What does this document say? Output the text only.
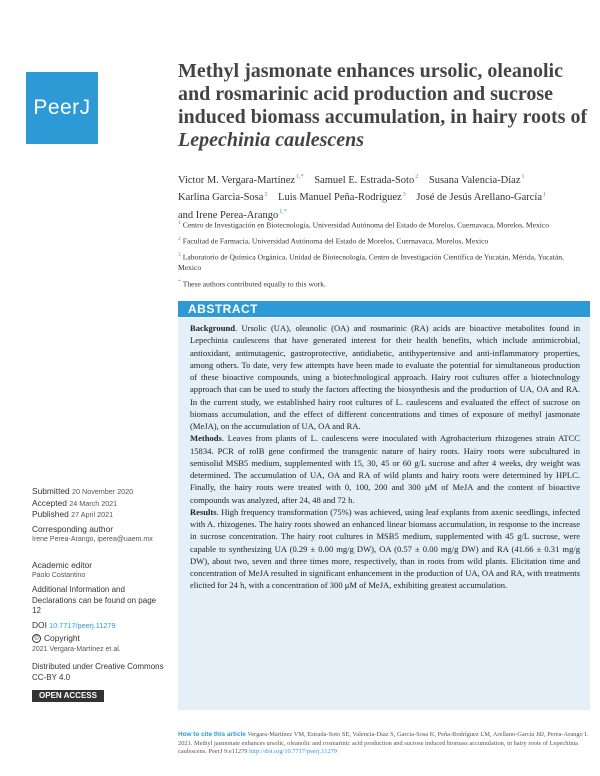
PeerJ
Methyl jasmonate enhances ursolic, oleanolic and rosmarinic acid production and sucrose induced biomass accumulation, in hairy roots of Lepechinia caulescens

Victor M. Vergara-Martínez$^{1,*}$ Samuel E. Estrada-Soto$^2$ Susana Valencia-Díaz$^1$ Karlina Garcia-Sosa$^3$ Luis Manuel Peña-Rodríguez$^3$ José de Jesús Arellano-García$^1$ and Irene Perea-Arango$^{1,*}$

$^1$ Centro de Investigación en Biotecnología, Universidad Autónoma del Estado de Morelos, Cuernavaca, Morelos, Mexico
$^2$ Facultad de Farmacia, Universidad Autónoma del Estado de Morelos, Cuernavaca, Morelos, Mexico
$^3$ Laboratorio de Química Orgánica, Unidad de Biotecnología, Centro de Investigación Científica de Yucatán, Mérida, Yucatán, Mexico
* These authors contributed equally to this work.
ABSTRACT

Background. Ursolic (UA), oleanolic (OA) and rosmarinic (RA) acids are bioactive metabolites found in Lepechinia caulescens that have generated interest for their health benefits, which include antimicrobial, antioxidant, antimutagenic, gastroprotective, antidiabetic, antihypertensive and anti-inflammatory properties, among others. To date, very few attempts have been made to evaluate the potential for simultaneous production of these bioactive compounds, using a biotechnological approach. Hairy root cultures offer a biotechnology approach that can be used to study the factors affecting the biosynthesis and the production of UA, OA and RA. In the current study, we established hairy root cultures of L. caulescens and evaluated the effect of sucrose on biomass accumulation, and the effect of different concentrations and times of exposure of methyl jasmonate (MeJA), on the accumulation of UA, OA and RA.

Methods. Leaves from plants of L. caulescens were inoculated with Agrobacterium rhizogenes strain ATCC 15834. PCR of rolB gene confirmed the transgenic nature of hairy roots. Hairy roots were subcultured in semisolid MSB5 medium, supplemented with 15, 30, 45 or 60 g/L sucrose and after 4 weeks, dry weight was determined. The accumulation of UA, OA and RA of wild plants and hairy roots were determined by HPLC. Finally, the hairy roots were treated with 0, 100, 200 and 300 μM of MeJA and the content of bioactive compounds was analyzed, after 24, 48 and 72 h.

Results. High frequency transformation (75%) was achieved, using leaf explants from axenic seedlings, infected with A. rhizogenes. The hairy roots showed an enhanced linear biomass accumulation, in response to the increase in sucrose concentration. The hairy root cultures in MSB5 medium, supplemented with 45 g/L sucrose, were capable to synthesizing UA (0.29 ± 0.00 mg/g DW), OA (0.57 ± 0.00 mg/g DW) and RA (41.66 ± 0.31 mg/g DW), about two, seven and three times more, respectively, than in roots from wild plants. Elicitation time and concentration of MeJA resulted in significant enhancement in the production of UA, OA and RA, with treatments elicited for 24 h, with a concentration of 300 μM of MeJA, exhibiting greatest accumulation.

Submitted 20 November 2020
Accepted 24 March 2021
Published 27 April 2021
Corresponding author
Irene Perea-Arango, iperea@uaem.mx
Academic editor
Paolo Costantino
Additional Information and Declarations can be found on page 12
DOI 10.7717/peerj.11279
© Copyright
2021 Vergara-Martínez et al.
Distributed under Creative Commons CC-BY 4.0
OPEN ACCESS
How to cite this article Vergara-Martínez VM, Estrada-Soto SE, Valencia-Díaz S, Garcia-Sosa K, Peña-Rodríguez LM, Arellano-García JdJ, Perea-Arango I. 2021. Methyl jasmonate enhances ursolic, oleanolic and rosmarinic acid production and sucrose induced biomass accumulation, in hairy roots of Lepechinia caulescens. PeerJ 9:e11279 http://doi.org/10.7717/peerj.11279
